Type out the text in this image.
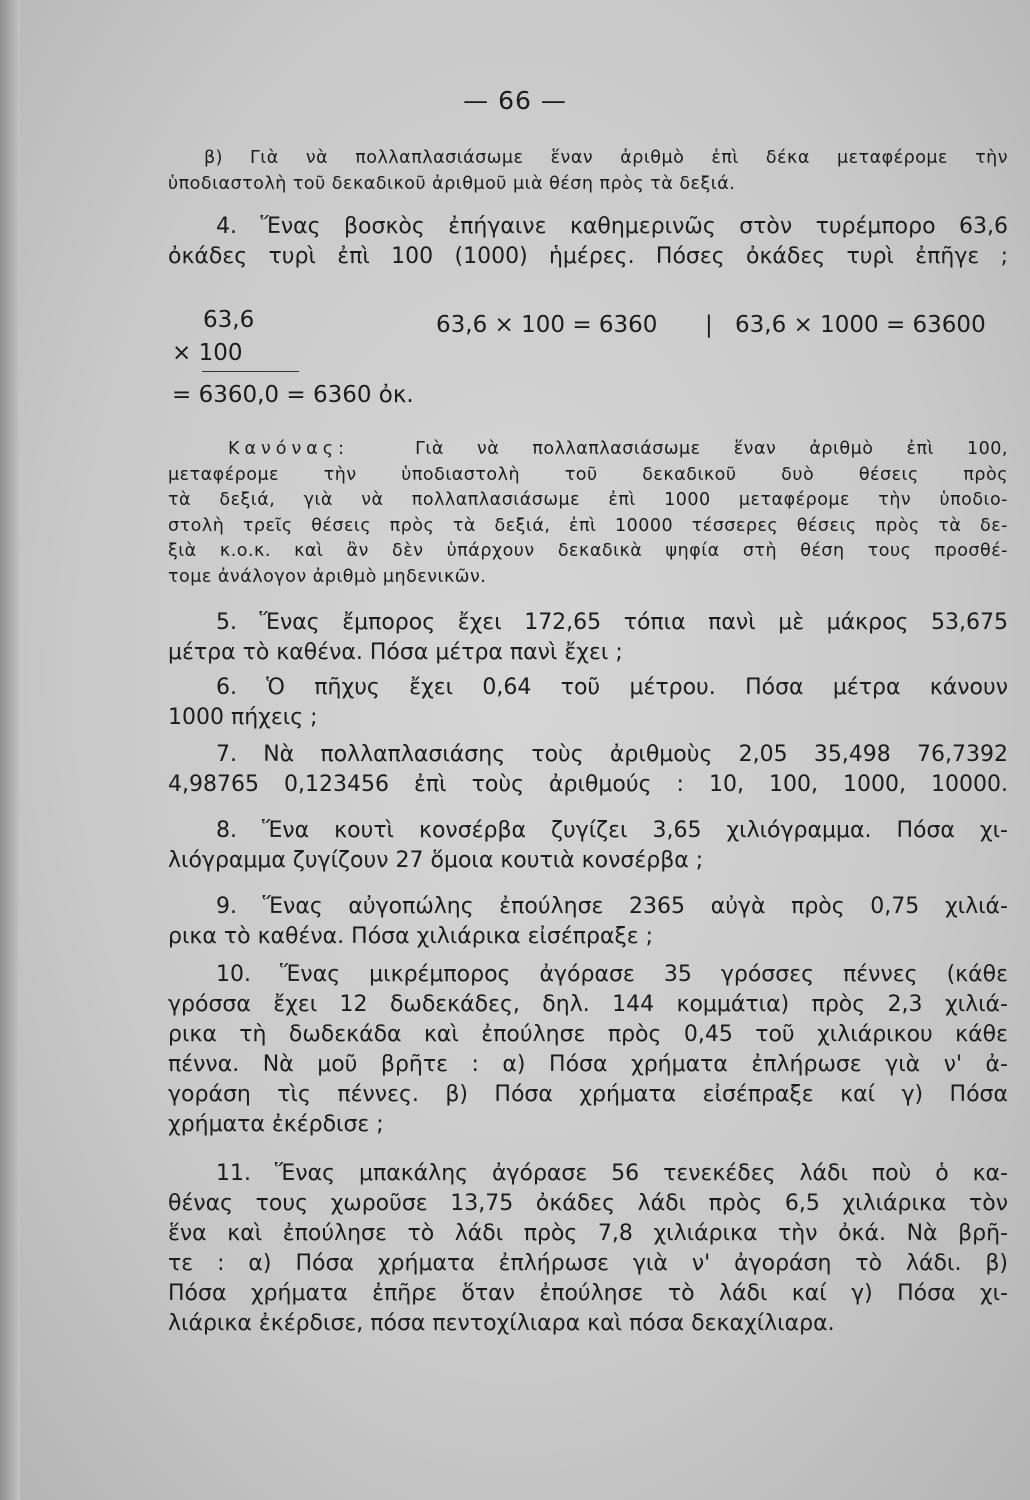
— 66 —
β) Γιὰ νὰ πολλαπλασιάσωμε ἕναν ἀριθμὸ ἐπὶ δέκα μεταφέρομε τὴν
ὑποδιαστολὴ τοῦ δεκαδικοῦ ἀριθμοῦ μιὰ θέση πρὸς τὰ δεξιά.
4. Ἕνας βοσκὸς ἐπήγαινε καθημερινῶς στὸν τυρέμπορο 63,6
ὀκάδες τυρὶ ἐπὶ 100 (1000) ἡμέρες. Πόσες ὀκάδες τυρὶ ἐπῆγε ;
63,6
× 100
= 6360,0 = 6360 ὀκ.
63,6 × 100 = 6360 | 63,6 × 1000 = 63600
Κανόνας:	Γιὰ νὰ πολλαπλασιάσωμε ἕναν ἀριθμὸ ἐπὶ 100,
μεταφέρομε τὴν ὑποδιαστολὴ τοῦ δεκαδικοῦ δυὸ θέσεις πρὸς
τὰ δεξιά, γιὰ νὰ πολλαπλασιάσωμε ἐπὶ 1000 μεταφέρομε τὴν ὑποδιο-
στολὴ τρεῖς θέσεις πρὸς τὰ δεξιά, ἐπὶ 10000 τέσσερες θέσεις πρὸς τὰ δε-
ξιὰ κ.ο.κ. καὶ ἂν δὲν ὑπάρχουν δεκαδικὰ ψηφία στὴ θέση τους προσθέ-
τομε ἀνάλογον ἀριθμὸ μηδενικῶν.
5. Ἕνας ἔμπορος ἔχει 172,65 τόπια πανὶ μὲ μάκρος 53,675
μέτρα τὸ καθένα. Πόσα μέτρα πανὶ ἔχει ;
6. Ὁ πῆχυς ἔχει 0,64 τοῦ μέτρου. Πόσα μέτρα κάνουν
1000 πήχεις ;
7. Νὰ πολλαπλασιάσης τοὺς ἀριθμοὺς 2,05 35,498 76,7392
4,98765 0,123456 ἐπὶ τοὺς ἀριθμούς : 10, 100, 1000, 10000.
8. Ἕνα κουτὶ κονσέρβα ζυγίζει 3,65 χιλιόγραμμα. Πόσα χι-
λιόγραμμα ζυγίζουν 27 ὅμοια κουτιὰ κονσέρβα ;
9. Ἕνας αὐγοπώλης ἐπούλησε 2365 αὐγὰ πρὸς 0,75 χιλιά-
ρικα τὸ καθένα. Πόσα χιλιάρικα εἰσέπραξε ;
10. Ἕνας μικρέμπορος ἀγόρασε 35 γρόσσες πέννες (κάθε
γρόσσα ἔχει 12 δωδεκάδες, δηλ. 144 κομμάτια) πρὸς 2,3 χιλιά-
ρικα τὴ δωδεκάδα καὶ ἐπούλησε πρὸς 0,45 τοῦ χιλιάρικου κάθε
πέννα. Νὰ μοῦ βρῆτε : α) Πόσα χρήματα ἐπλήρωσε γιὰ ν' ἀ-
γοράση τὶς πέννες. β) Πόσα χρήματα εἰσέπραξε καί γ) Πόσα
χρήματα ἐκέρδισε ;
11. Ἕνας μπακάλης ἀγόρασε 56 τενεκέδες λάδι ποὺ ὁ κα-
θένας τους χωροῦσε 13,75 ὀκάδες λάδι πρὸς 6,5 χιλιάρικα τὸν
ἕνα καὶ ἐπούλησε τὸ λάδι πρὸς 7,8 χιλιάρικα τὴν ὀκά. Νὰ βρῆ-
τε : α) Πόσα χρήματα ἐπλήρωσε γιὰ ν' ἀγοράση τὸ λάδι. β)
Πόσα χρήματα ἐπῆρε ὅταν ἐπούλησε τὸ λάδι καί γ) Πόσα χι-
λιάρικα ἐκέρδισε, πόσα πεντοχίλιαρα καὶ πόσα δεκαχίλιαρα.
